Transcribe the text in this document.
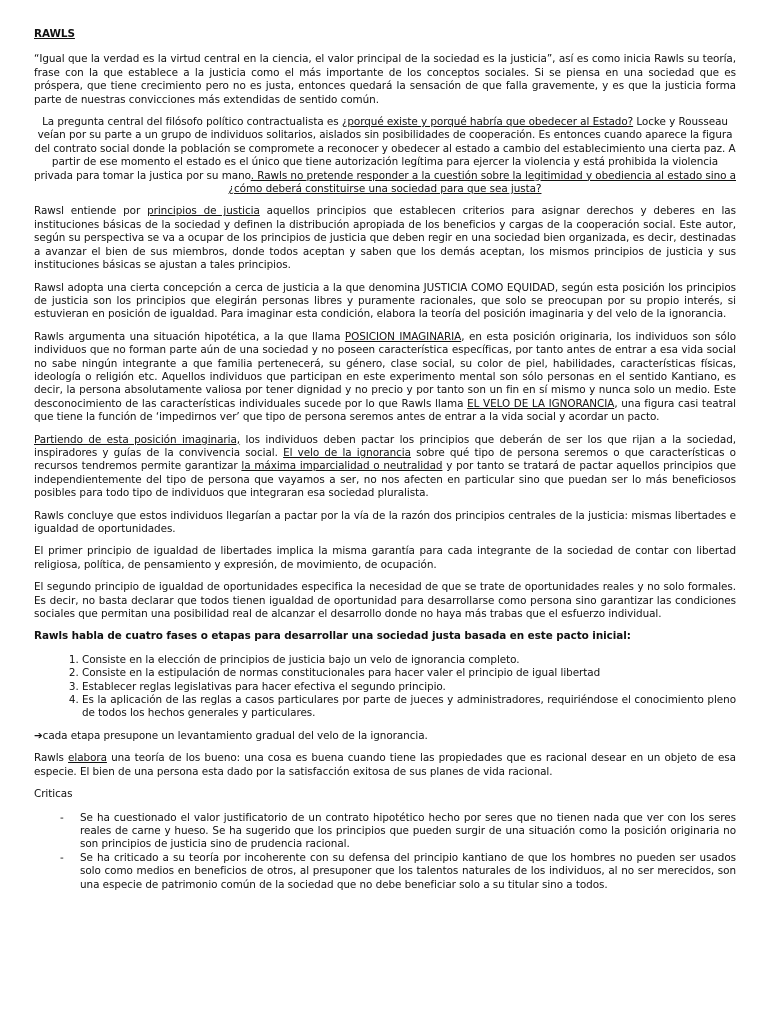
RAWLS

“Igual que la verdad es la virtud central en la ciencia, el valor principal de la sociedad es la justicia”, así es como inicia Rawls su teoría, frase con la que establece a la justicia como el más importante de los conceptos sociales. Si se piensa en una sociedad que es próspera, que tiene crecimiento pero no es justa, entonces quedará la sensación de que falla gravemente, y es que la justicia forma parte de nuestras convicciones más extendidas de sentido común.

La pregunta central del filósofo político contractualista es ¿porqué existe y porqué habría que obedecer al Estado? Locke y Rousseau veían por su parte a un grupo de individuos solitarios, aislados sin posibilidades de cooperación. Es entonces cuando aparece la figura del contrato social donde la población se compromete a reconocer y obedecer al estado a cambio del establecimiento una cierta paz. A partir de ese momento el estado es el único que tiene autorización legítima para ejercer la violencia y está prohibida la violencia privada para tomar la justica por su mano. Rawls no pretende responder a la cuestión sobre la legitimidad y obediencia al estado sino a ¿cómo deberá constituirse una sociedad para que sea justa?

Rawsl entiende por principios de justicia aquellos principios que establecen criterios para asignar derechos y deberes en las instituciones básicas de la sociedad y definen la distribución apropiada de los beneficios y cargas de la cooperación social. Este autor, según su perspectiva se va a ocupar de los principios de justicia que deben regir en una sociedad bien organizada, es decir, destinadas a avanzar el bien de sus miembros, donde todos aceptan y saben que los demás aceptan, los mismos principios de justicia y sus instituciones básicas se ajustan a tales principios.

Rawsl adopta una cierta concepción a cerca de justicia a la que denomina JUSTICIA COMO EQUIDAD, según esta posición los principios de justicia son los principios que elegirán personas libres y puramente racionales, que solo se preocupan por su propio interés, si estuvieran en posición de igualdad. Para imaginar esta condición, elabora la teoría del posición imaginaria y del velo de la ignorancia.

Rawls argumenta una situación hipotética, a la que llama POSICION IMAGINARIA, en esta posición originaria, los individuos son sólo individuos que no forman parte aún de una sociedad y no poseen característica específicas, por tanto antes de entrar a esa vida social no sabe ningún integrante a que familia pertenecerá, su género, clase social, su color de piel, habilidades, características físicas, ideología o religión etc. Aquellos individuos que participan en este experimento mental son sólo personas en el sentido Kantiano, es decir, la persona absolutamente valiosa por tener dignidad y no precio y por tanto son un fin en sí mismo y nunca solo un medio. Este desconocimiento de las características individuales sucede por lo que Rawls llama EL VELO DE LA IGNORANCIA, una figura casi teatral que tiene la función de ‘impedirnos ver’ que tipo de persona seremos antes de entrar a la vida social y acordar un pacto.

Partiendo de esta posición imaginaria, los individuos deben pactar los principios que deberán de ser los que rijan a la sociedad, inspiradores y guías de la convivencia social. El velo de la ignorancia sobre qué tipo de persona seremos o que características o recursos tendremos permite garantizar la máxima imparcialidad o neutralidad y por tanto se tratará de pactar aquellos principios que independientemente del tipo de persona que vayamos a ser, no nos afecten en particular sino que puedan ser lo más beneficiosos posibles para todo tipo de individuos que integraran esa sociedad pluralista.

Rawls concluye que estos individuos llegarían a pactar por la vía de la razón dos principios centrales de la justicia: mismas libertades e igualdad de oportunidades.

El primer principio de igualdad de libertades implica la misma garantía para cada integrante de la sociedad de contar con libertad religiosa, política, de pensamiento y expresión, de movimiento, de ocupación.

El segundo principio de igualdad de oportunidades especifica la necesidad de que se trate de oportunidades reales y no solo formales. Es decir, no basta declarar que todos tienen igualdad de oportunidad para desarrollarse como persona sino garantizar las condiciones sociales que permitan una posibilidad real de alcanzar el desarrollo donde no haya más trabas que el esfuerzo individual.

Rawls habla de cuatro fases o etapas para desarrollar una sociedad justa basada en este pacto inicial:

1. Consiste en la elección de principios de justicia bajo un velo de ignorancia completo.
2. Consiste en la estipulación de normas constitucionales para hacer valer el principio de igual libertad
3. Establecer reglas legislativas para hacer efectiva el segundo principio.
4. Es la aplicación de las reglas a casos particulares por parte de jueces y administradores, requiriéndose el conocimiento pleno de todos los hechos generales y particulares.

➔cada etapa presupone un levantamiento gradual del velo de la ignorancia.

Rawls elabora una teoría de los bueno: una cosa es buena cuando tiene las propiedades que es racional desear en un objeto de esa especie. El bien de una persona esta dado por la satisfacción exitosa de sus planes de vida racional.

Criticas

- Se ha cuestionado el valor justificatorio de un contrato hipotético hecho por seres que no tienen nada que ver con los seres reales de carne y hueso. Se ha sugerido que los principios que pueden surgir de una situación como la posición originaria no son principios de justicia sino de prudencia racional.
- Se ha criticado a su teoría por incoherente con su defensa del principio kantiano de que los hombres no pueden ser usados solo como medios en beneficios de otros, al presuponer que los talentos naturales de los individuos, al no ser merecidos, son una especie de patrimonio común de la sociedad que no debe beneficiar solo a su titular sino a todos.
